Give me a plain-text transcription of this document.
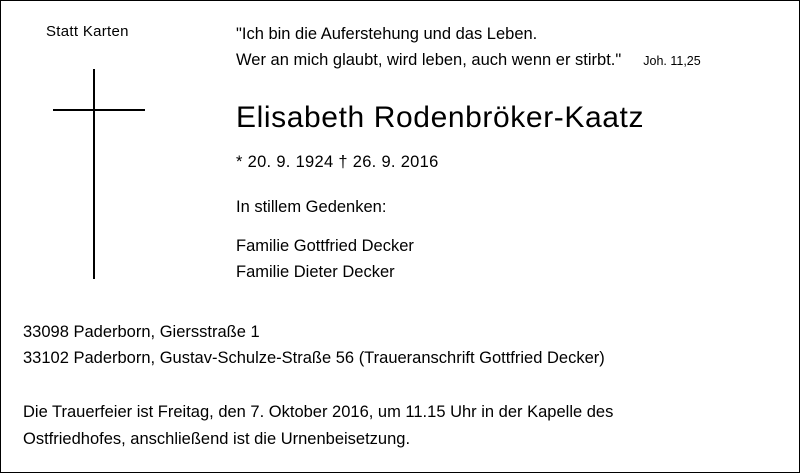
Statt Karten	"Ich bin die Auferstehung und das Leben.
Wer an mich glaubt, wird leben, auch wenn er stirbt." Joh. 11,25
Elisabeth Rodenbröker-Kaatz
* 20. 9. 1924 † 26. 9. 2016
In stillem Gedenken:
Familie Gottfried Decker
Familie Dieter Decker
33098 Paderborn, Giersstraße 1
33102 Paderborn, Gustav-Schulze-Straße 56 (Traueranschrift Gottfried Decker)
Die Trauerfeier ist Freitag, den 7. Oktober 2016, um 11.15 Uhr in der Kapelle des
Ostfriedhofes, anschließend ist die Urnenbeisetzung.
